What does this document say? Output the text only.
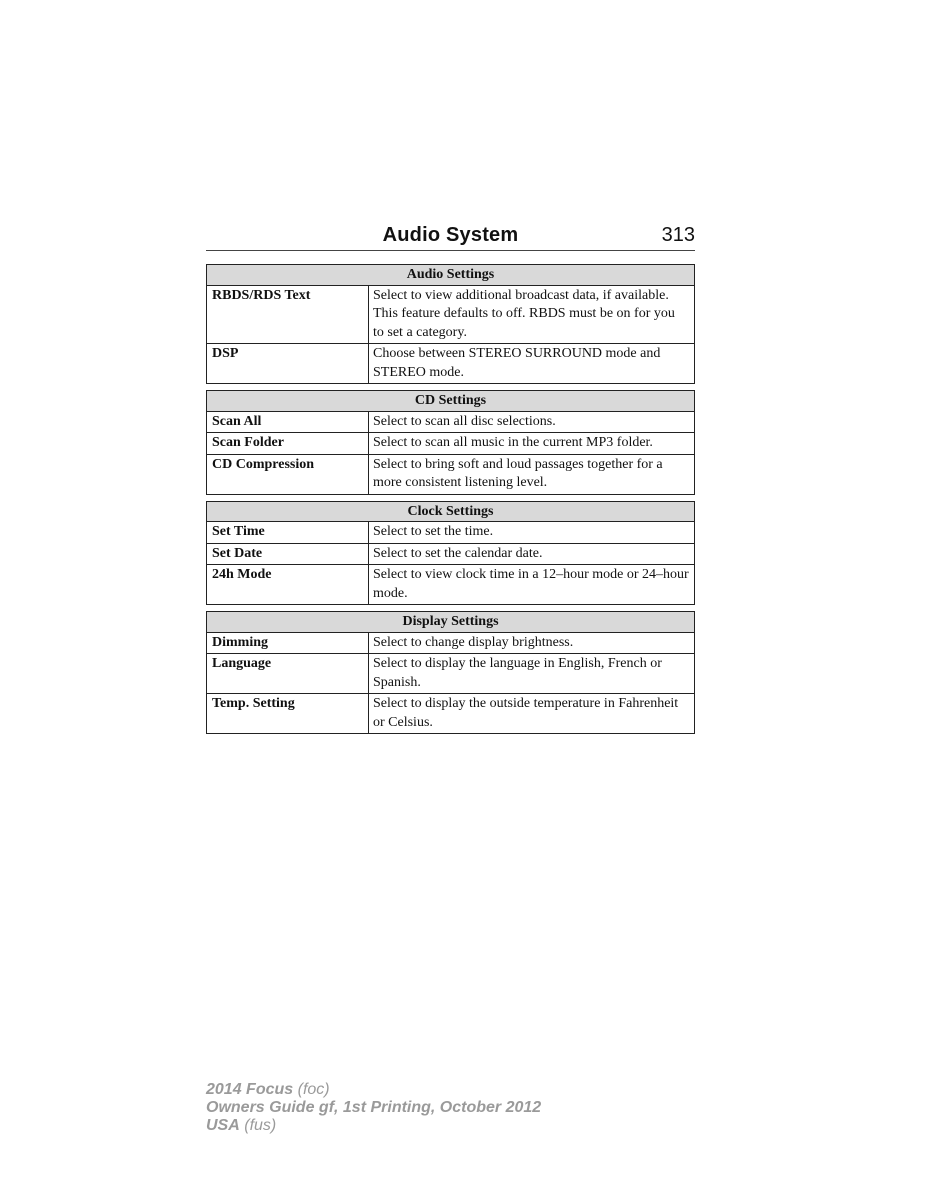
Audio System	313
Audio Settings	
RBDS/RDS Text	Select to view additional broadcast data, if available. This feature defaults to off. RBDS must be on for you to set a category.
DSP	Choose between STEREO SURROUND mode and STEREO mode.
CD Settings	
Scan All	Select to scan all disc selections.
Scan Folder	Select to scan all music in the current MP3 folder.
CD Compression	Select to bring soft and loud passages together for a more consistent listening level.
Clock Settings	
Set Time	Select to set the time.
Set Date	Select to set the calendar date.
24h Mode	Select to view clock time in a 12–hour mode or 24–hour mode.
Display Settings	
Dimming	Select to change display brightness.
Language	Select to display the language in English, French or Spanish.
Temp. Setting	Select to display the outside temperature in Fahrenheit or Celsius.
2014 Focus (foc)
Owners Guide gf, 1st Printing, October 2012
USA (fus)
